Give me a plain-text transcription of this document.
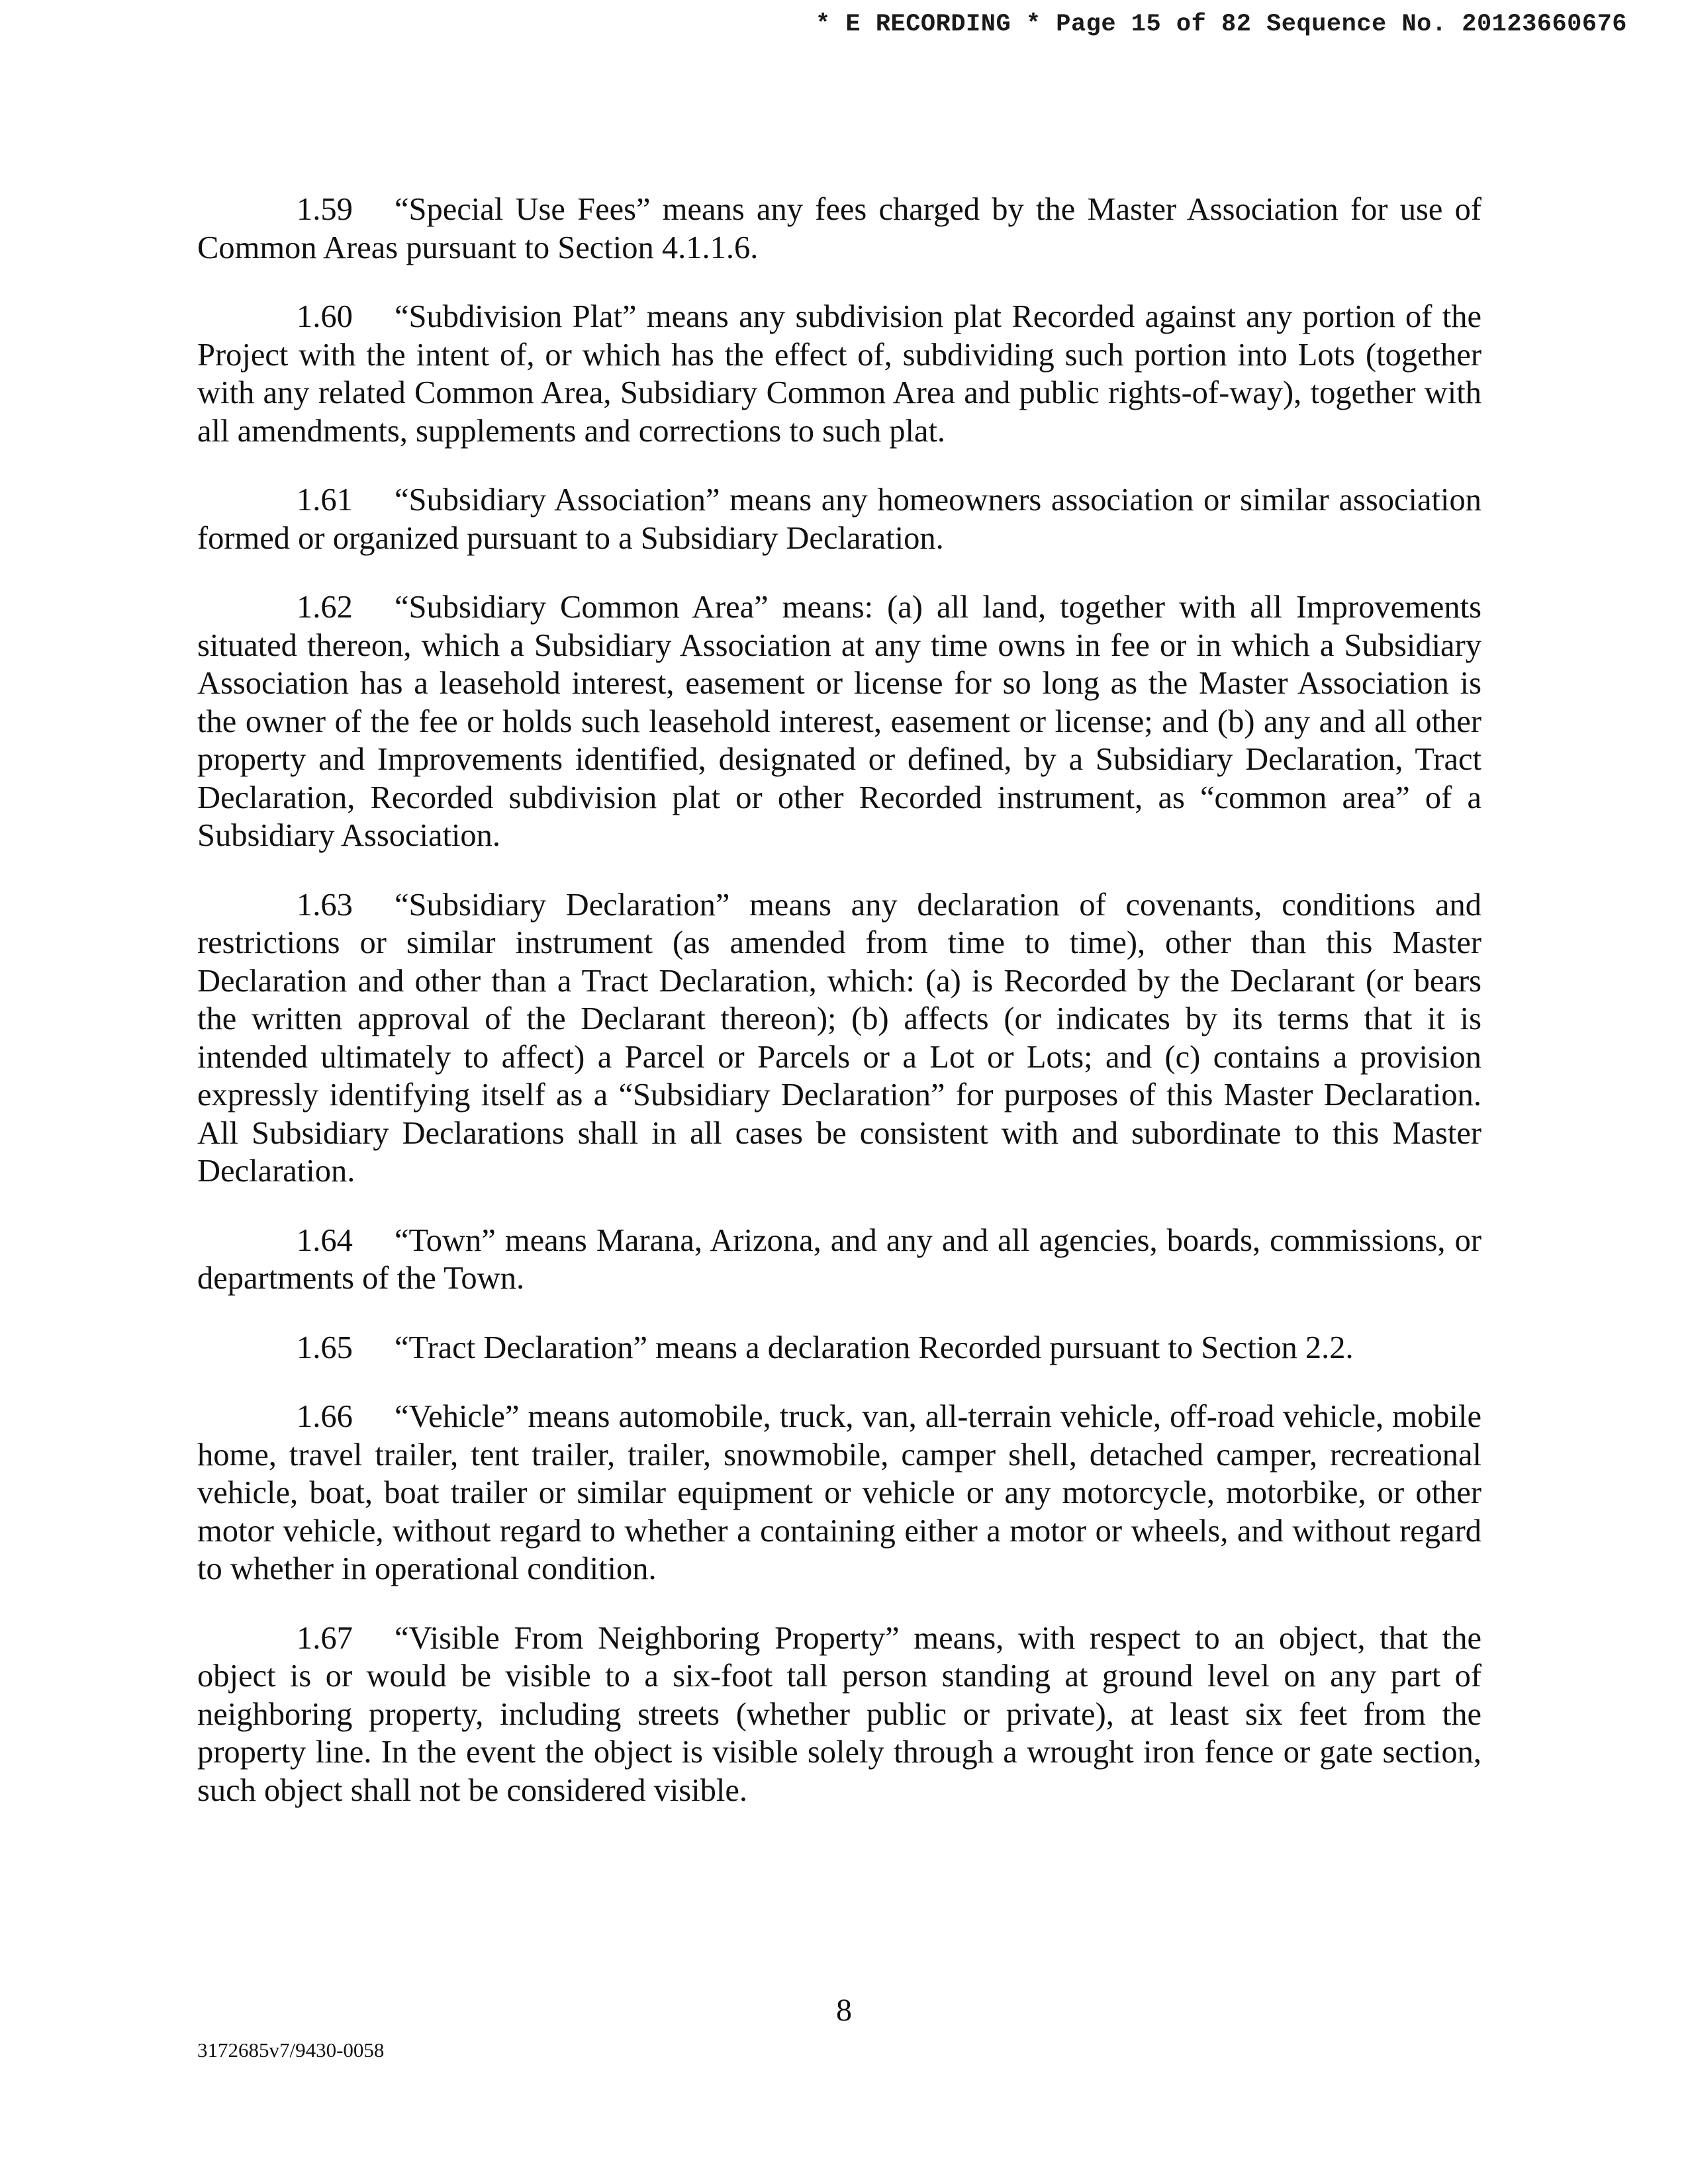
* E RECORDING * Page 15 of 82 Sequence No. 20123660676

1.59 “Special Use Fees” means any fees charged by the Master Association for use of Common Areas pursuant to Section 4.1.1.6.

1.60 “Subdivision Plat” means any subdivision plat Recorded against any portion of the Project with the intent of, or which has the effect of, subdividing such portion into Lots (together with any related Common Area, Subsidiary Common Area and public rights-of-way), together with all amendments, supplements and corrections to such plat.

1.61 “Subsidiary Association” means any homeowners association or similar association formed or organized pursuant to a Subsidiary Declaration.

1.62 “Subsidiary Common Area” means: (a) all land, together with all Improvements situated thereon, which a Subsidiary Association at any time owns in fee or in which a Subsidiary Association has a leasehold interest, easement or license for so long as the Master Association is the owner of the fee or holds such leasehold interest, easement or license; and (b) any and all other property and Improvements identified, designated or defined, by a Subsidiary Declaration, Tract Declaration, Recorded subdivision plat or other Recorded instrument, as “common area” of a Subsidiary Association.

1.63 “Subsidiary Declaration” means any declaration of covenants, conditions and restrictions or similar instrument (as amended from time to time), other than this Master Declaration and other than a Tract Declaration, which: (a) is Recorded by the Declarant (or bears the written approval of the Declarant thereon); (b) affects (or indicates by its terms that it is intended ultimately to affect) a Parcel or Parcels or a Lot or Lots; and (c) contains a provision expressly identifying itself as a “Subsidiary Declaration” for purposes of this Master Declaration. All Subsidiary Declarations shall in all cases be consistent with and subordinate to this Master Declaration.

1.64 “Town” means Marana, Arizona, and any and all agencies, boards, commissions, or departments of the Town.

1.65 “Tract Declaration” means a declaration Recorded pursuant to Section 2.2.

1.66 “Vehicle” means automobile, truck, van, all-terrain vehicle, off-road vehicle, mobile home, travel trailer, tent trailer, trailer, snowmobile, camper shell, detached camper, recreational vehicle, boat, boat trailer or similar equipment or vehicle or any motorcycle, motorbike, or other motor vehicle, without regard to whether a containing either a motor or wheels, and without regard to whether in operational condition.

1.67 “Visible From Neighboring Property” means, with respect to an object, that the object is or would be visible to a six-foot tall person standing at ground level on any part of neighboring property, including streets (whether public or private), at least six feet from the property line. In the event the object is visible solely through a wrought iron fence or gate section, such object shall not be considered visible.

8
3172685v7/9430-0058
